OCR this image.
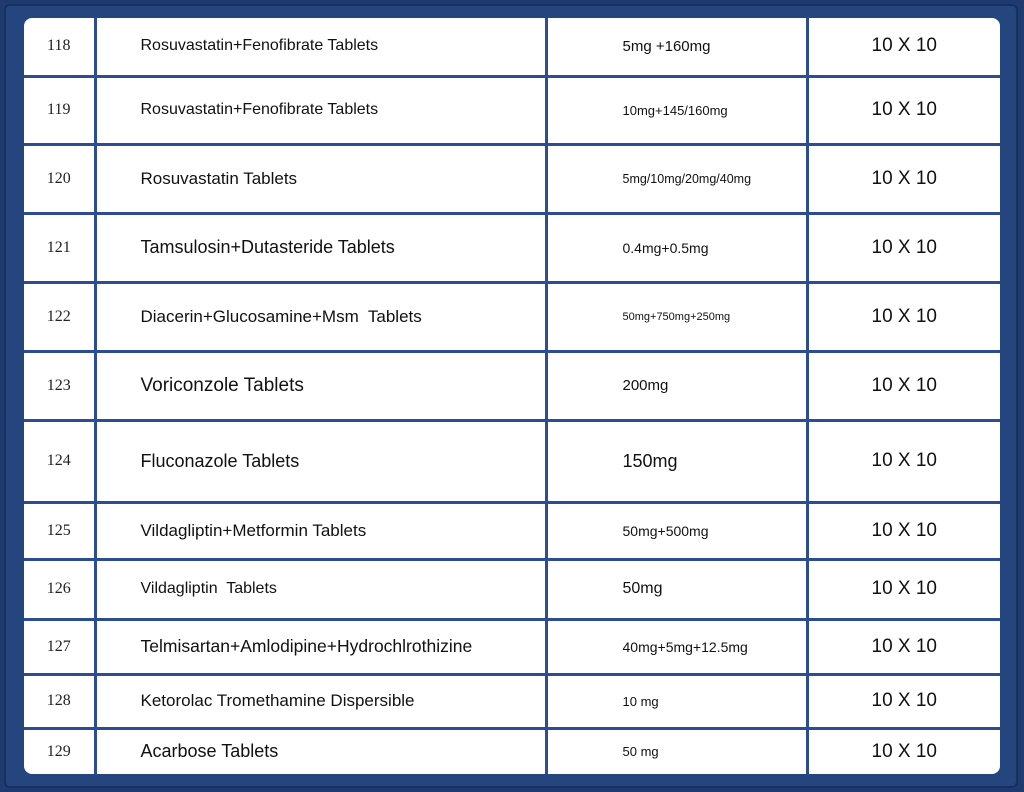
118	Rosuvastatin+Fenofibrate Tablets	5mg +160mg	10 X 10
119	Rosuvastatin+Fenofibrate Tablets	10mg+145/160mg	10 X 10
120	Rosuvastatin Tablets	5mg/10mg/20mg/40mg	10 X 10
121	Tamsulosin+Dutasteride Tablets	0.4mg+0.5mg	10 X 10
122	Diacerin+Glucosamine+Msm  Tablets	50mg+750mg+250mg	10 X 10
123	Voriconzole Tablets	200mg	10 X 10
124	Fluconazole Tablets	150mg	10 X 10
125	Vildagliptin+Metformin Tablets	50mg+500mg	10 X 10
126	Vildagliptin  Tablets	50mg	10 X 10
127	Telmisartan+Amlodipine+Hydrochlrothizine	40mg+5mg+12.5mg	10 X 10
128	Ketorolac Tromethamine Dispersible	10 mg	10 X 10
129	Acarbose Tablets	50 mg	10 X 10
